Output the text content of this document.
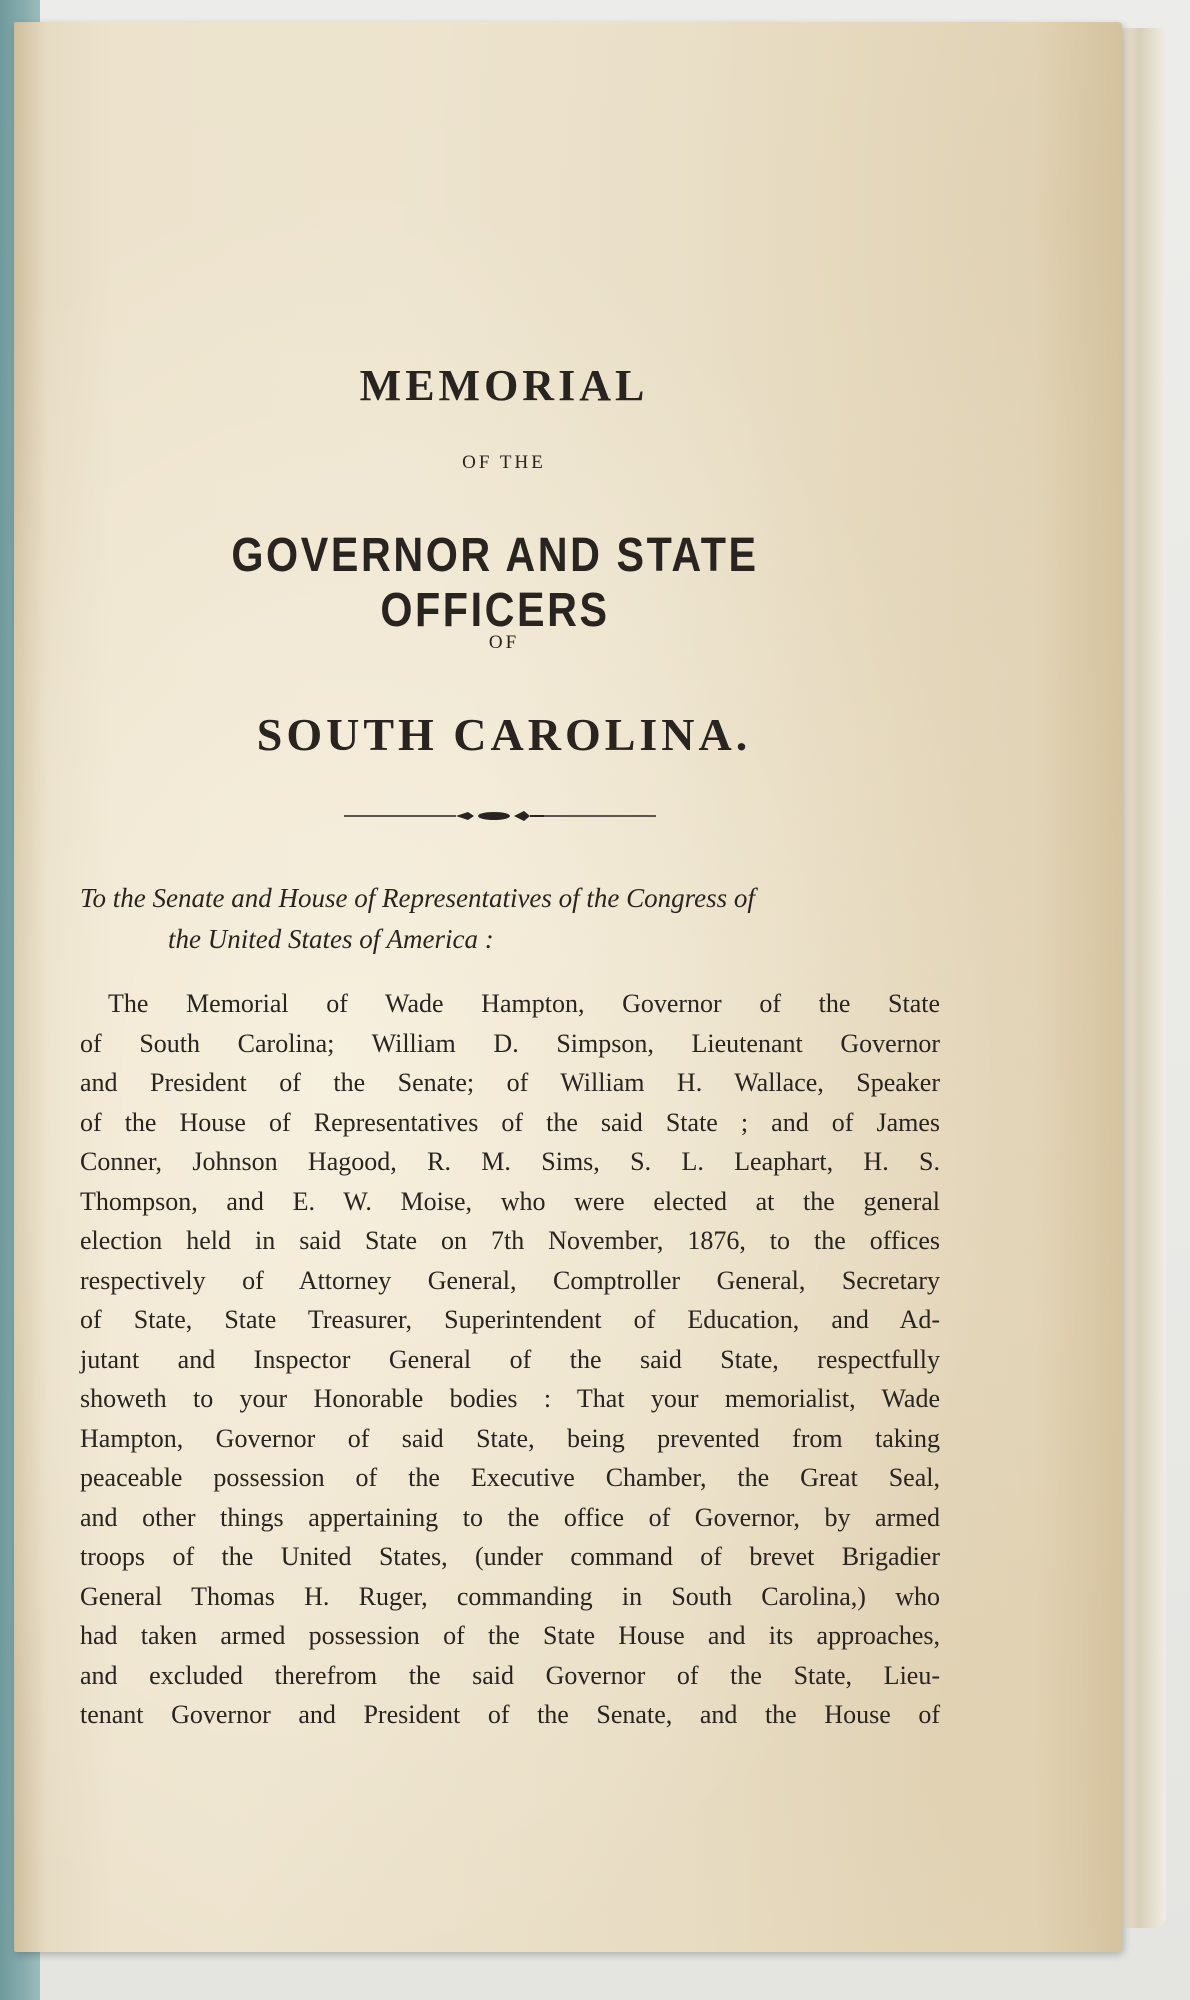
MEMORIAL

OF THE

GOVERNOR AND STATE OFFICERS

OF

SOUTH CAROLINA.

To the Senate and House of Representatives of the Congress of
the United States of America :

The Memorial of Wade Hampton, Governor of the State
of South Carolina; William D. Simpson, Lieutenant Governor
and President of the Senate; of William H. Wallace, Speaker
of the House of Representatives of the said State ; and of James
Conner, Johnson Hagood, R. M. Sims, S. L. Leaphart, H. S.
Thompson, and E. W. Moise, who were elected at the general
election held in said State on 7th November, 1876, to the offices
respectively of Attorney General, Comptroller General, Secretary
of State, State Treasurer, Superintendent of Education, and Ad-
jutant and Inspector General of the said State, respectfully
showeth to your Honorable bodies : That your memorialist, Wade
Hampton, Governor of said State, being prevented from taking
peaceable possession of the Executive Chamber, the Great Seal,
and other things appertaining to the office of Governor, by armed
troops of the United States, (under command of brevet Brigadier
General Thomas H. Ruger, commanding in South Carolina,) who
had taken armed possession of the State House and its approaches,
and excluded therefrom the said Governor of the State, Lieu-
tenant Governor and President of the Senate, and the House of
